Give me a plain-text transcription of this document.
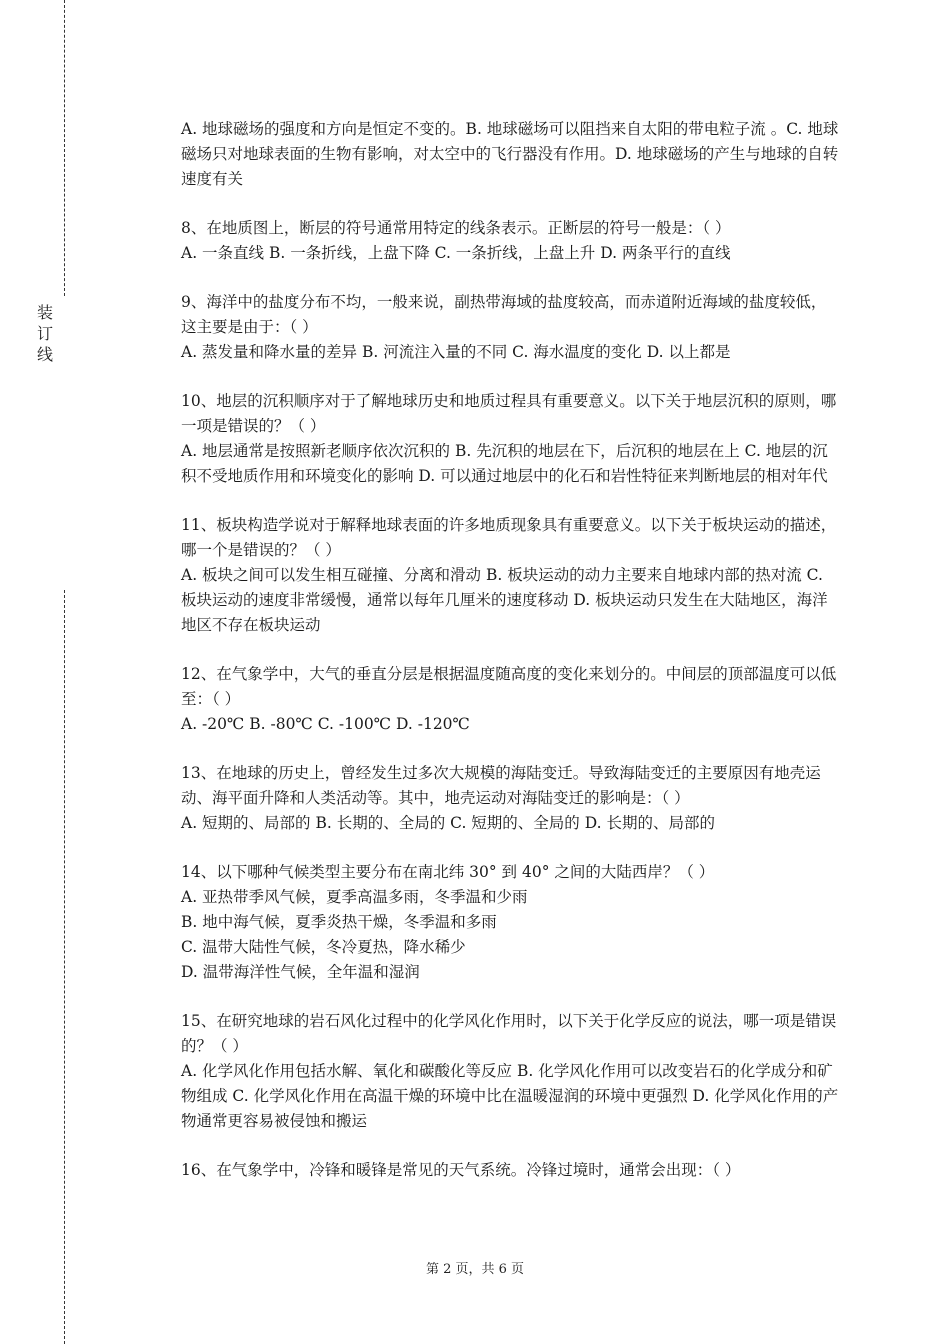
装
订
线

A. 地球磁场的强度和方向是恒定不变的。B. 地球磁场可以阻挡来自太阳的带电粒子流 。C. 地球磁场只对地球表面的生物有影响，对太空中的飞行器没有作用。D. 地球磁场的产生与地球的自转速度有关

8、在地质图上，断层的符号通常用特定的线条表示。正断层的符号一般是：（ ）

A. 一条直线 B. 一条折线，上盘下降 C. 一条折线，上盘上升 D. 两条平行的直线

9、海洋中的盐度分布不均，一般来说，副热带海域的盐度较高，而赤道附近海域的盐度较低，这主要是由于：（ ）

A. 蒸发量和降水量的差异 B. 河流注入量的不同 C. 海水温度的变化 D. 以上都是

10、地层的沉积顺序对于了解地球历史和地质过程具有重要意义。以下关于地层沉积的原则，哪一项是错误的？（ ）

A. 地层通常是按照新老顺序依次沉积的 B. 先沉积的地层在下，后沉积的地层在上 C. 地层的沉积不受地质作用和环境变化的影响 D. 可以通过地层中的化石和岩性特征来判断地层的相对年代

11、板块构造学说对于解释地球表面的许多地质现象具有重要意义。以下关于板块运动的描述，哪一个是错误的？（ ）

A. 板块之间可以发生相互碰撞、分离和滑动 B. 板块运动的动力主要来自地球内部的热对流 C. 板块运动的速度非常缓慢，通常以每年几厘米的速度移动 D. 板块运动只发生在大陆地区，海洋地区不存在板块运动

12、在气象学中，大气的垂直分层是根据温度随高度的变化来划分的。中间层的顶部温度可以低至：（ ）

A. -20℃ B. -80℃ C. -100℃ D. -120℃

13、在地球的历史上，曾经发生过多次大规模的海陆变迁。导致海陆变迁的主要原因有地壳运动、海平面升降和人类活动等。其中，地壳运动对海陆变迁的影响是：（ ）

A. 短期的、局部的 B. 长期的、全局的 C. 短期的、全局的 D. 长期的、局部的

14、以下哪种气候类型主要分布在南北纬 30° 到 40° 之间的大陆西岸？（ ）

A. 亚热带季风气候，夏季高温多雨，冬季温和少雨

B. 地中海气候，夏季炎热干燥，冬季温和多雨

C. 温带大陆性气候，冬冷夏热，降水稀少

D. 温带海洋性气候，全年温和湿润

15、在研究地球的岩石风化过程中的化学风化作用时，以下关于化学反应的说法，哪一项是错误的？（ ）

A. 化学风化作用包括水解、氧化和碳酸化等反应 B. 化学风化作用可以改变岩石的化学成分和矿物组成 C. 化学风化作用在高温干燥的环境中比在温暖湿润的环境中更强烈 D. 化学风化作用的产物通常更容易被侵蚀和搬运

16、在气象学中，冷锋和暖锋是常见的天气系统。冷锋过境时，通常会出现：（ ）

第 2 页，共 6 页
